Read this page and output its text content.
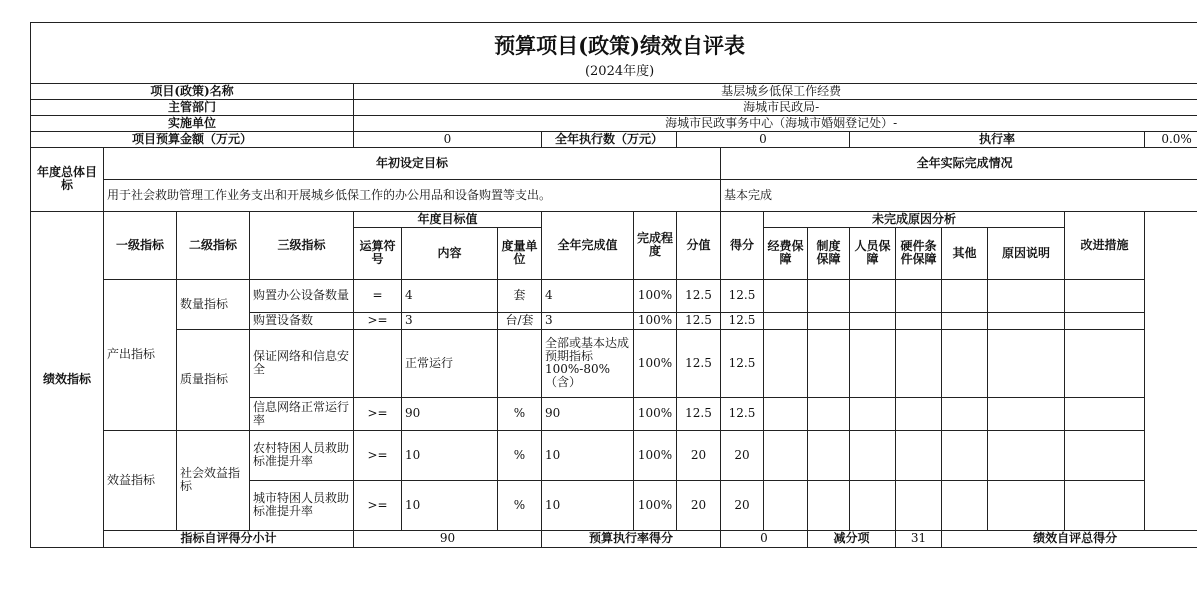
预算项目(政策)绩效自评表																			
(2024年度)																			
项目(政策)名称				基层城乡低保工作经费															
主管部门				海城市民政局-															
实施单位				海城市民政事务中心（海城市婚姻登记处）-															
项目预算金额（万元）				0			全年执行数（万元）		0				执行率					0.0%	
年度总体目标	年初设定目标									全年实际完成情况									
	用于社会救助管理工作业务支出和开展城乡低保工作的办公用品和设备购置等支出。									基本完成									
绩效指标	一级指标	二级指标	三级指标	年度目标值			全年完成值	完成程度	分值	得分	未完成原因分析						改进措施		
				运算符号	内容	度量单位					经费保障	制度保障	人员保障	硬件条件保障	其他	原因说明			
	产出指标	数量指标	购置办公设备数量	=	4	套	4	100%	12.5	12.5									
			购置设备数	>=	3	台/套	3	100%	12.5	12.5									
		质量指标	保证网络和信息安全		正常运行		全部或基本达成预期指标100%-80%（含）	100%	12.5	12.5									
			信息网络正常运行率	>=	90	%	90	100%	12.5	12.5									
	效益指标	社会效益指标	农村特困人员救助标准提升率	>=	10	%	10	100%	20	20									
			城市特困人员救助标准提升率	>=	10	%	10	100%	20	20									
	指标自评得分小计			90			预算执行率得分			0		减分项		31	绩效自评总得分	
